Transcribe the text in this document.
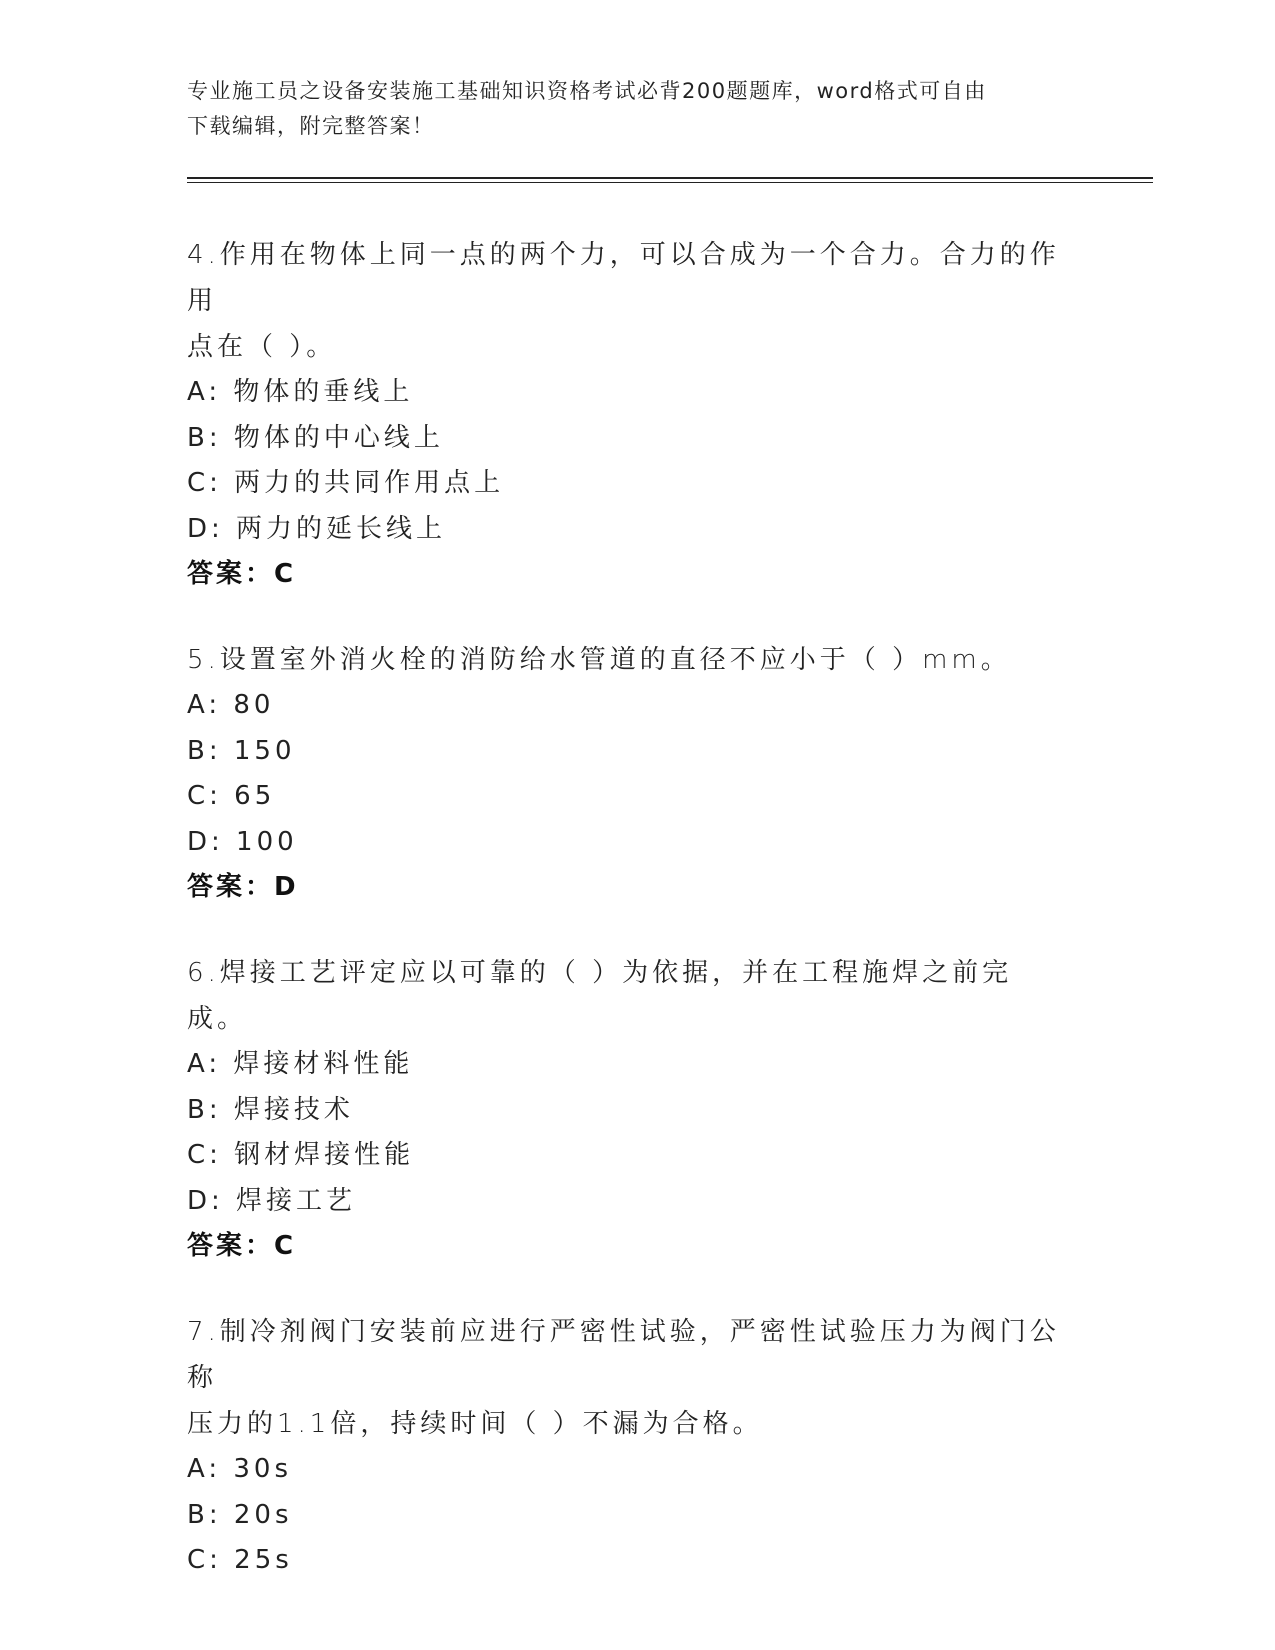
专业施工员之设备安装施工基础知识资格考试必背200题题库，word格式可自由
下载编辑，附完整答案！
4.作用在物体上同一点的两个力，可以合成为一个合力。合力的作用
点在（ ）。
A: 物体的垂线上
B: 物体的中心线上
C: 两力的共同作用点上
D: 两力的延长线上
答案：C
5.设置室外消火栓的消防给水管道的直径不应小于（ ）mm。
A: 80
B: 150
C: 65
D: 100
答案：D
6.焊接工艺评定应以可靠的（ ）为依据，并在工程施焊之前完成。
A: 焊接材料性能
B: 焊接技术
C: 钢材焊接性能
D: 焊接工艺
答案：C
7.制冷剂阀门安装前应进行严密性试验，严密性试验压力为阀门公称
压力的1.1倍，持续时间（ ）不漏为合格。
A: 30s
B: 20s
C: 25s
